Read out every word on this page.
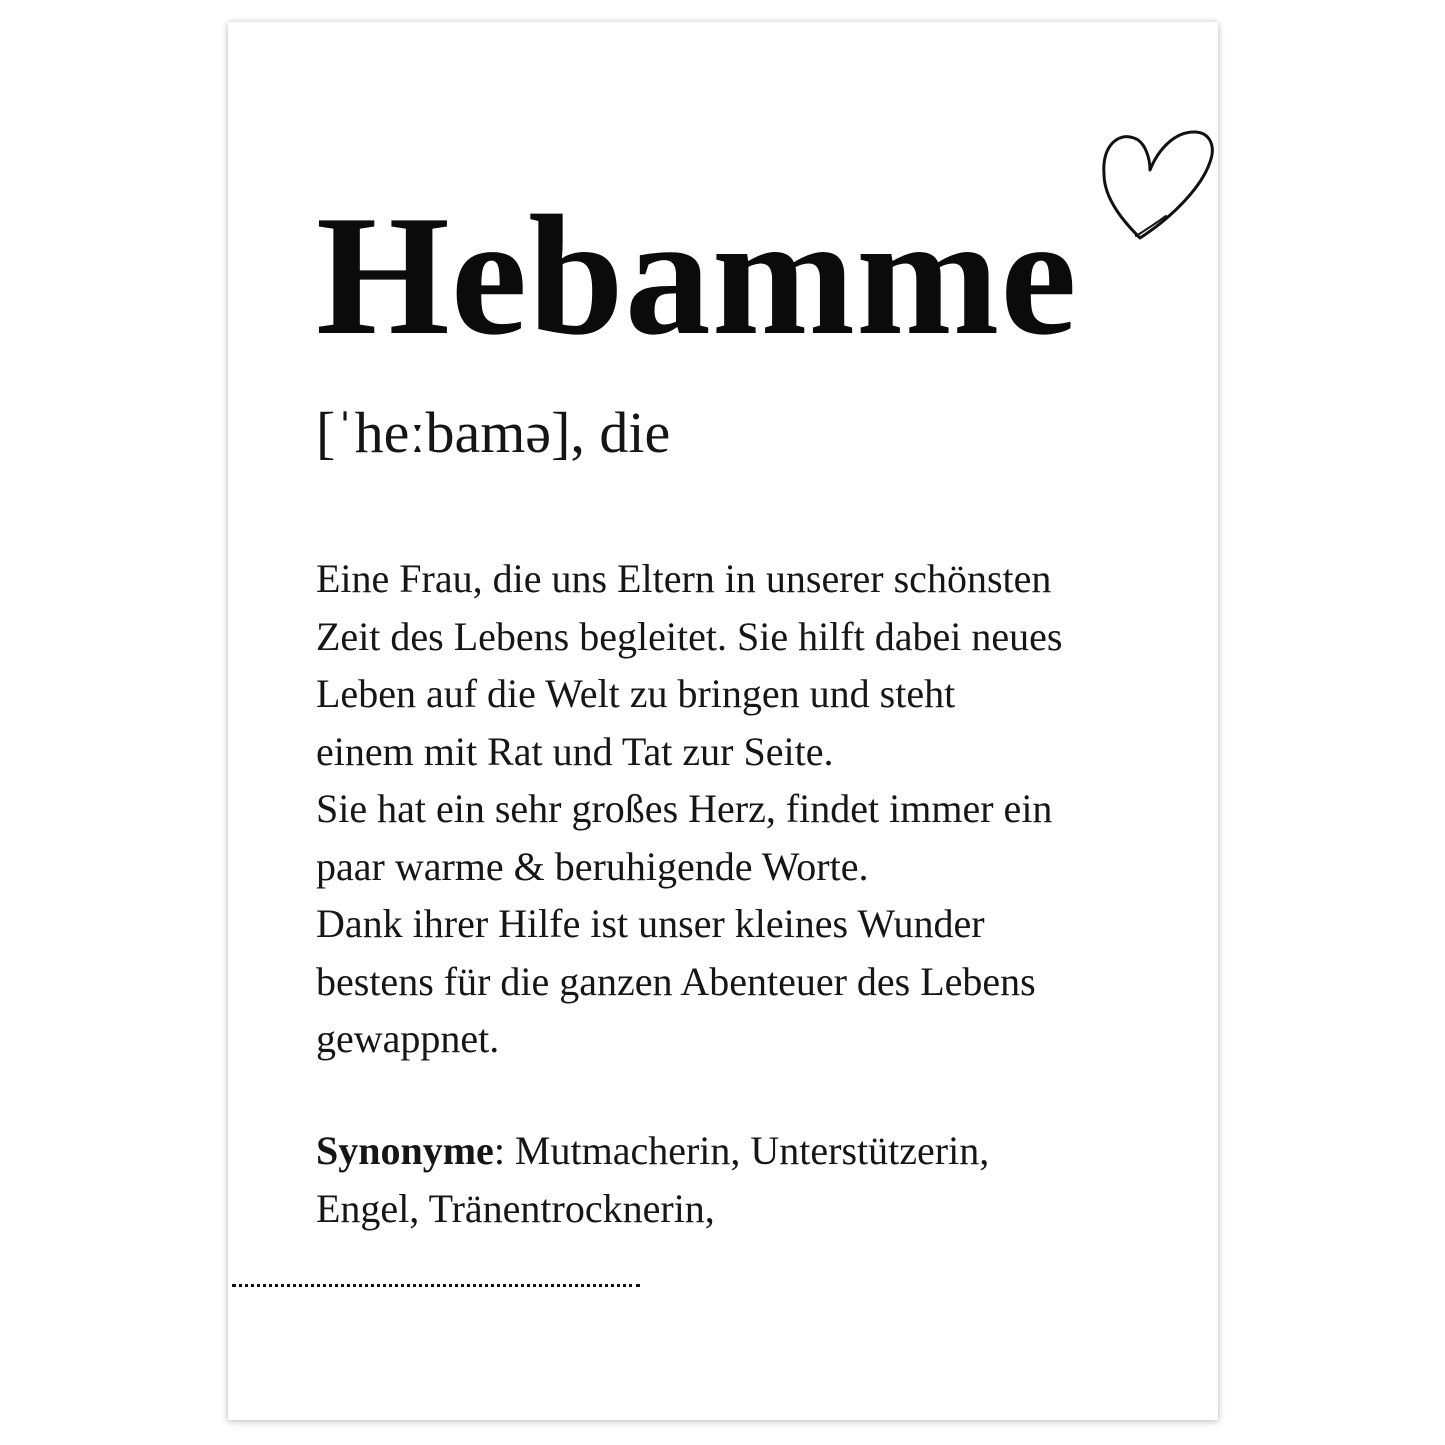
Hebamme
[ˈheːbamə], die

Eine Frau, die uns Eltern in unserer schönsten

Zeit des Lebens begleitet. Sie hilft dabei neues

Leben auf die Welt zu bringen und steht

einem mit Rat und Tat zur Seite.

Sie hat ein sehr großes Herz, findet immer ein

paar warme & beruhigende Worte.

Dank ihrer Hilfe ist unser kleines Wunder

bestens für die ganzen Abenteuer des Lebens

gewappnet.

Synonyme: Mutmacherin, Unterstützerin,
Engel, Tränentrocknerin,
